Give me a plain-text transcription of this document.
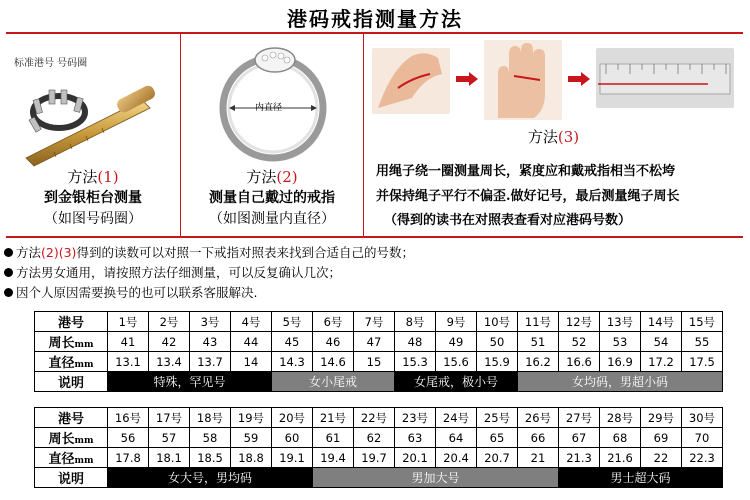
港码戒指测量方法
标准港号 号码圈
方法(1)
到金银柜台测量
（如图号码圈）
内直径
方法(2)
测量自己戴过的戒指
（如图测量内直径）
方法(3)
用绳子绕一圈测量周长，紧度应和戴戒指相当不松垮
并保持绳子平行不偏歪.做好记号，最后测量绳子周长
（得到的读书在对照表查看对应港码号数）
方法(2)(3)得到的读数可以对照一下戒指对照表来找到合适自己的号数；
方法男女通用，请按照方法仔细测量，可以反复确认几次；
因个人原因需要换号的也可以联系客服解决.
港号	1号	2号	3号	4号	5号	6号	7号	8号	9号	10号	11号	12号	13号	14号	15号
周长mm	41	42	43	44	45	46	47	48	49	50	51	52	53	54	55
直径mm	13.1	13.4	13.7	14	14.3	14.6	15	15.3	15.6	15.9	16.2	16.6	16.9	17.2	17.5
说明	特殊，罕见号				女小尾戒			女尾戒，极小号			女均码，男超小码				
港号	16号	17号	18号	19号	20号	21号	22号	23号	24号	25号	26号	27号	28号	29号	30号
周长mm	56	57	58	59	60	61	62	63	64	65	66	67	68	69	70
直径mm	17.8	18.1	18.5	18.8	19.1	19.4	19.7	20.1	20.4	20.7	21	21.3	21.6	22	22.3
说明	女大号，男均码					男加大号						男士超大码			
